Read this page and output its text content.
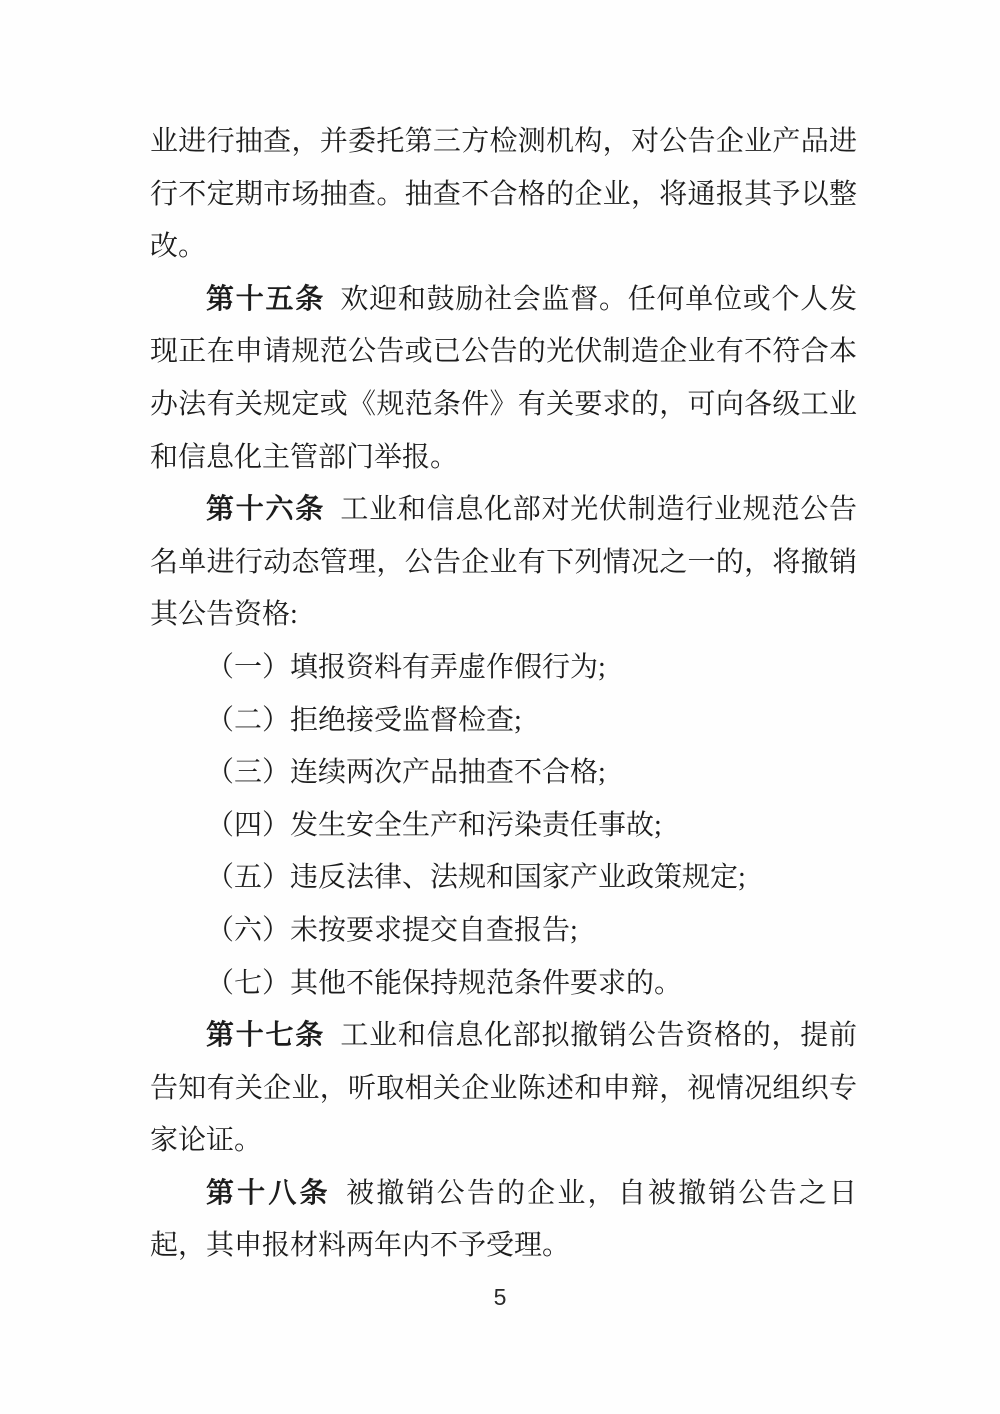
业进行抽查，并委托第三方检测机构，对公告企业产品进行不定期市场抽查。抽查不合格的企业，将通报其予以整改。

第十五条 欢迎和鼓励社会监督。任何单位或个人发现正在申请规范公告或已公告的光伏制造企业有不符合本办法有关规定或《规范条件》有关要求的，可向各级工业和信息化主管部门举报。

第十六条 工业和信息化部对光伏制造行业规范公告名单进行动态管理，公告企业有下列情况之一的，将撤销其公告资格:

（一）填报资料有弄虚作假行为;

（二）拒绝接受监督检查;

（三）连续两次产品抽查不合格;

（四）发生安全生产和污染责任事故;

（五）违反法律、法规和国家产业政策规定;

（六）未按要求提交自查报告;

（七）其他不能保持规范条件要求的。

第十七条 工业和信息化部拟撤销公告资格的，提前告知有关企业，听取相关企业陈述和申辩，视情况组织专家论证。

第十八条 被撤销公告的企业，自被撤销公告之日起，其申报材料两年内不予受理。

5
